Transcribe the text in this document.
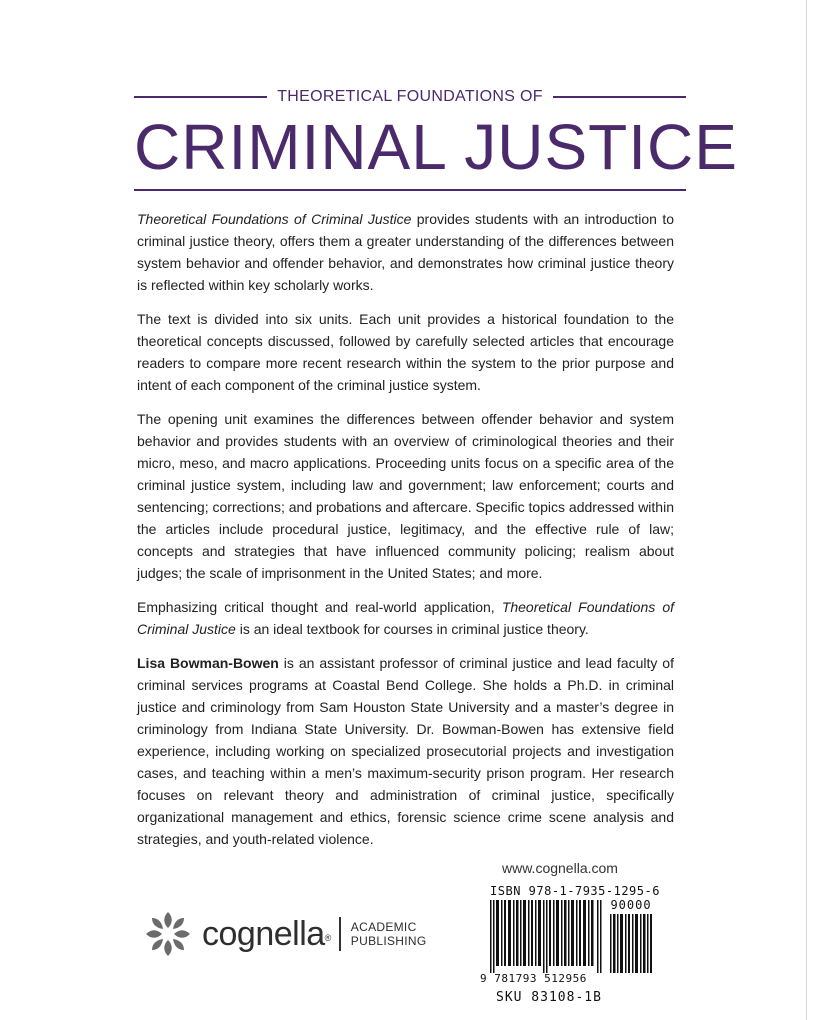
THEORETICAL FOUNDATIONS OF
CRIMINAL JUSTICE

Theoretical Foundations of Criminal Justice provides students with an introduction to criminal justice theory, offers them a greater understanding of the differences between system behavior and offender behavior, and demonstrates how criminal justice theory is reflected within key scholarly works.

The text is divided into six units. Each unit provides a historical foundation to the theoretical concepts discussed, followed by carefully selected articles that encourage readers to compare more recent research within the system to the prior purpose and intent of each component of the criminal justice system.

The opening unit examines the differences between offender behavior and system behavior and provides students with an overview of criminological theories and their micro, meso, and macro applications. Proceeding units focus on a specific area of the criminal justice system, including law and government; law enforcement; courts and sentencing; corrections; and probations and aftercare. Specific topics addressed within the articles include procedural justice, legitimacy, and the effective rule of law; concepts and strategies that have influenced community policing; realism about judges; the scale of imprisonment in the United States; and more.

Emphasizing critical thought and real-world application, Theoretical Foundations of Criminal Justice is an ideal textbook for courses in criminal justice theory.

Lisa Bowman-Bowen is an assistant professor of criminal justice and lead faculty of criminal services programs at Coastal Bend College. She holds a Ph.D. in criminal justice and criminology from Sam Houston State University and a master’s degree in criminology from Indiana State University. Dr. Bowman-Bowen has extensive field experience, including working on specialized prosecutorial projects and investigation cases, and teaching within a men’s maximum-security prison program. Her research focuses on relevant theory and administration of criminal justice, specifically organizational management and ethics, forensic science crime scene analysis and strategies, and youth-related violence.

www.cognella.com
cognella®
ACADEMIC
PUBLISHING
ISBN 978-1-7935-1295-6
90000
9 781793 512956
SKU 83108-1B
